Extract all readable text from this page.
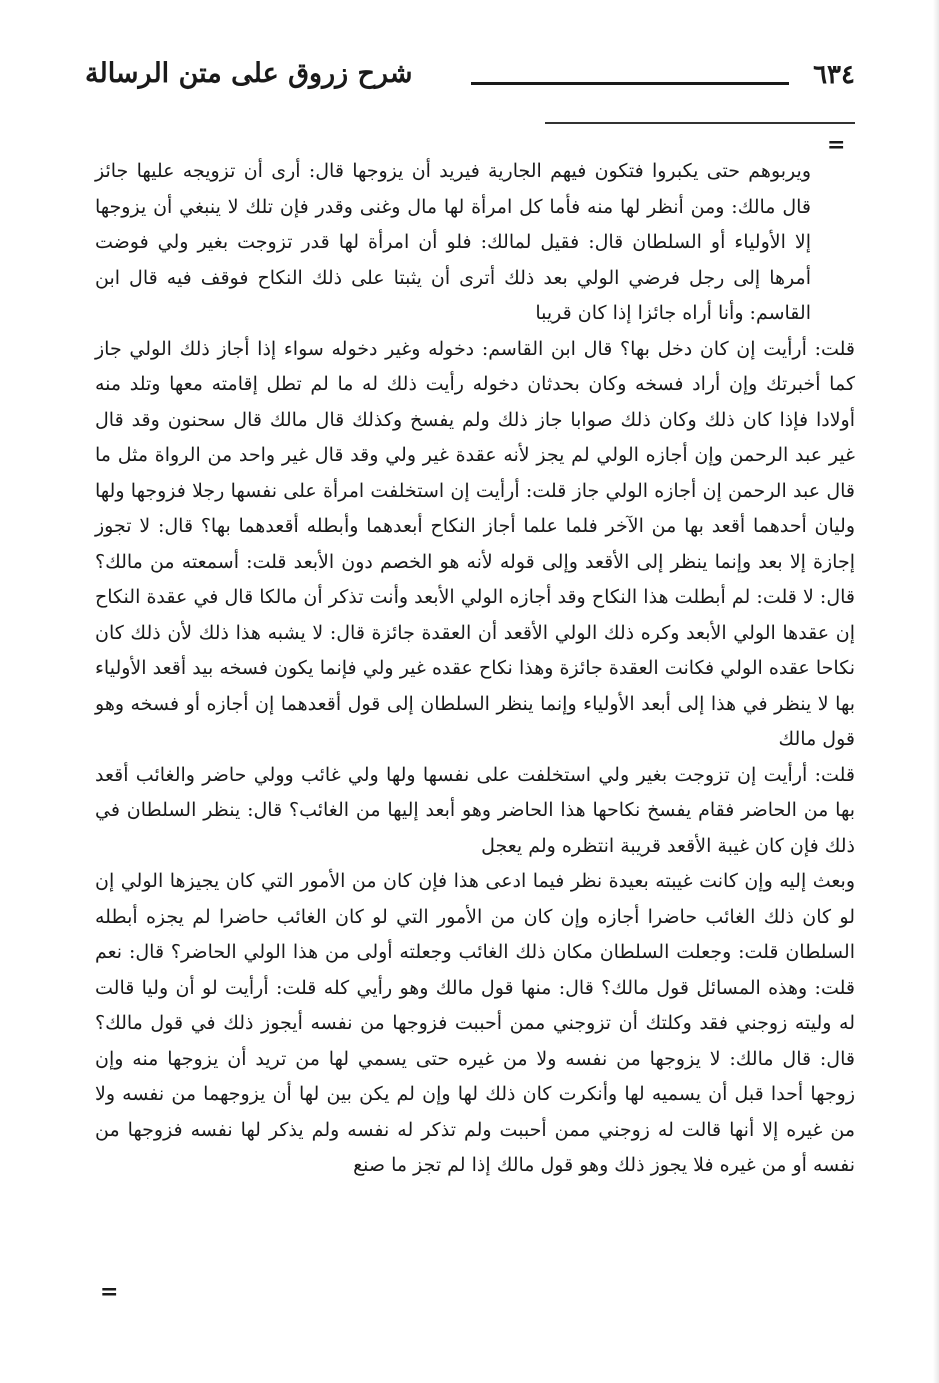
٦٣٤
شرح زروق على متن الرسالة
=

ويربوهم حتى يكبروا فتكون فيهم الجارية فيريد أن يزوجها قال: أرى أن تزويجه عليها جائز قال مالك: ومن أنظر لها منه فأما كل امرأة لها مال وغنى وقدر فإن تلك لا ينبغي أن يزوجها إلا الأولياء أو السلطان قال: فقيل لمالك: فلو أن امرأة لها قدر تزوجت بغير ولي فوضت أمرها إلى رجل فرضي الولي بعد ذلك أترى أن يثبتا على ذلك النكاح فوقف فيه قال ابن القاسم: وأنا أراه جائزا إذا كان قريبا

قلت: أرأيت إن كان دخل بها؟ قال ابن القاسم: دخوله وغير دخوله سواء إذا أجاز ذلك الولي جاز كما أخبرتك وإن أراد فسخه وكان بحدثان دخوله رأيت ذلك له ما لم تطل إقامته معها وتلد منه أولادا فإذا كان ذلك وكان ذلك صوابا جاز ذلك ولم يفسخ وكذلك قال مالك قال سحنون وقد قال غير عبد الرحمن وإن أجازه الولي لم يجز لأنه عقدة غير ولي وقد قال غير واحد من الرواة مثل ما قال عبد الرحمن إن أجازه الولي جاز قلت: أرأيت إن استخلفت امرأة على نفسها رجلا فزوجها ولها وليان أحدهما أقعد بها من الآخر فلما علما أجاز النكاح أبعدهما وأبطله أقعدهما بها؟ قال: لا تجوز إجازة إلا بعد وإنما ينظر إلى الأقعد وإلى قوله لأنه هو الخصم دون الأبعد قلت: أسمعته من مالك؟ قال: لا قلت: لم أبطلت هذا النكاح وقد أجازه الولي الأبعد وأنت تذكر أن مالكا قال في عقدة النكاح إن عقدها الولي الأبعد وكره ذلك الولي الأقعد أن العقدة جائزة قال: لا يشبه هذا ذلك لأن ذلك كان نكاحا عقده الولي فكانت العقدة جائزة وهذا نكاح عقده غير ولي فإنما يكون فسخه بيد أقعد الأولياء بها لا ينظر في هذا إلى أبعد الأولياء وإنما ينظر السلطان إلى قول أقعدهما إن أجازه أو فسخه وهو قول مالك

قلت: أرأيت إن تزوجت بغير ولي استخلفت على نفسها ولها ولي غائب وولي حاضر والغائب أقعد بها من الحاضر فقام يفسخ نكاحها هذا الحاضر وهو أبعد إليها من الغائب؟ قال: ينظر السلطان في ذلك فإن كان غيبة الأقعد قريبة انتظره ولم يعجل

وبعث إليه وإن كانت غيبته بعيدة نظر فيما ادعى هذا فإن كان من الأمور التي كان يجيزها الولي إن لو كان ذلك الغائب حاضرا أجازه وإن كان من الأمور التي لو كان الغائب حاضرا لم يجزه أبطله السلطان قلت: وجعلت السلطان مكان ذلك الغائب وجعلته أولى من هذا الولي الحاضر؟ قال: نعم قلت: وهذه المسائل قول مالك؟ قال: منها قول مالك وهو رأيي كله قلت: أرأيت لو أن وليا قالت له وليته زوجني فقد وكلتك أن تزوجني ممن أحببت فزوجها من نفسه أيجوز ذلك في قول مالك؟ قال: قال مالك: لا يزوجها من نفسه ولا من غيره حتى يسمي لها من تريد أن يزوجها منه وإن زوجها أحدا قبل أن يسميه لها وأنكرت كان ذلك لها وإن لم يكن بين لها أن يزوجهما من نفسه ولا من غيره إلا أنها قالت له زوجني ممن أحببت ولم تذكر له نفسه ولم يذكر لها نفسه فزوجها من نفسه أو من غيره فلا يجوز ذلك وهو قول مالك إذا لم تجز ما صنع

=
